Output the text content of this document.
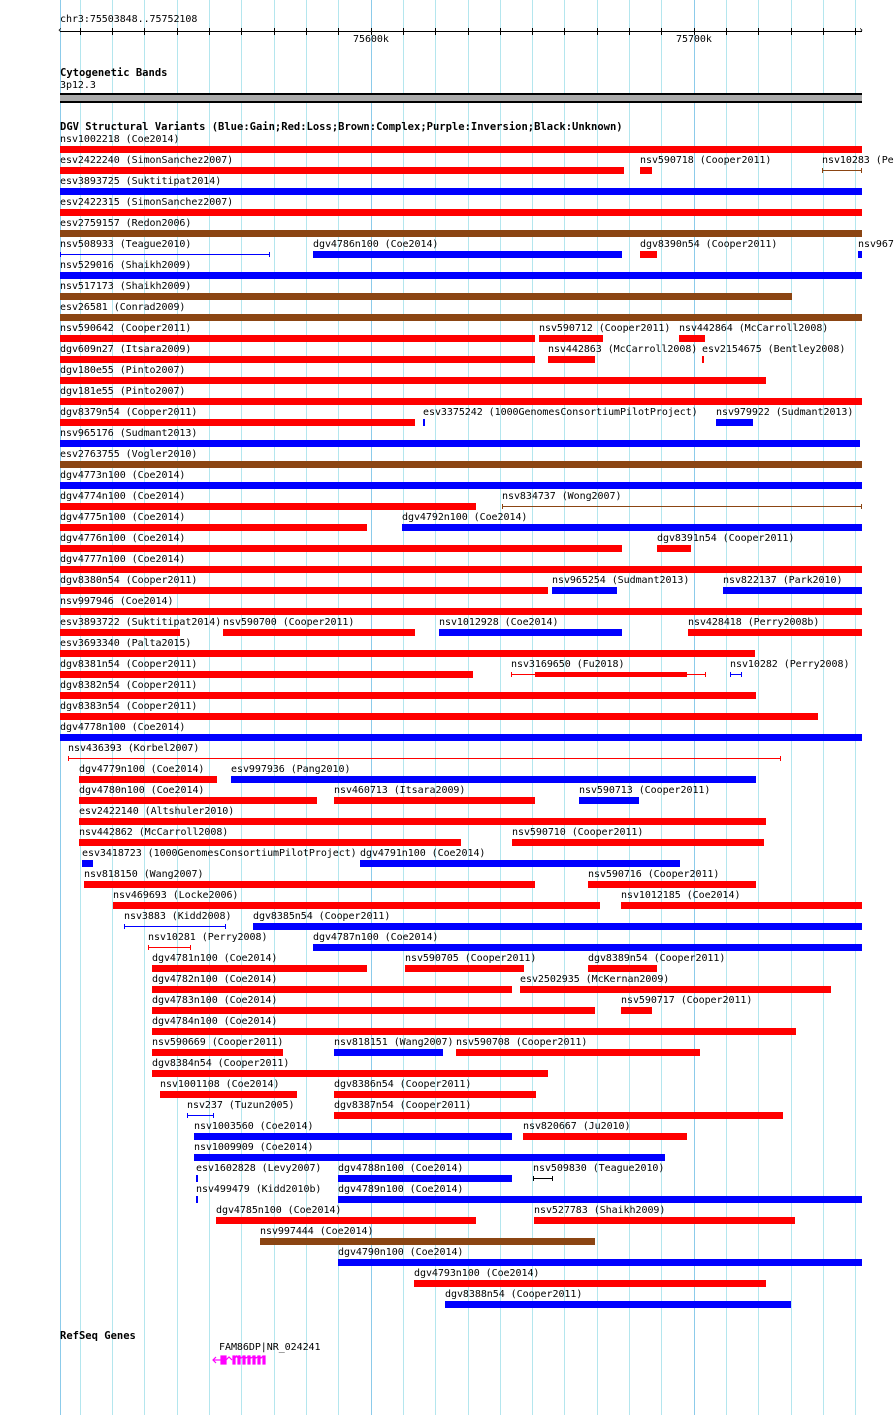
chr3:75503848..75752108
‹	›
75600k	75700k
Cytogenetic Bands
3p12.3
DGV Structural Variants (Blue:Gain;Red:Loss;Brown:Complex;Purple:Inversion;Black:Unknown)
nsv1002218 (Coe2014)
esv2422240 (SimonSanchez2007)	nsv590718 (Cooper2011)	nsv10283 (Pe
esv3893725 (Suktitipat2014)
esv2422315 (SimonSanchez2007)
esv2759157 (Redon2006)
nsv508933 (Teague2010)	dgv4786n100 (Coe2014)	dgv8390n54 (Cooper2011)	nsv967
nsv529016 (Shaikh2009)
nsv517173 (Shaikh2009)
esv26581 (Conrad2009)
nsv590642 (Cooper2011)	nsv590712 (Cooper2011) nsv442864 (McCarroll2008)
dgv609n27 (Itsara2009)	nsv442863 (McCarroll2008) esv2154675 (Bentley2008)
dgv180e55 (Pinto2007)
dgv181e55 (Pinto2007)
dgv8379n54 (Cooper2011)	esv3375242 (1000GenomesConsortiumPilotProject) nsv979922 (Sudmant2013)
nsv965176 (Sudmant2013)
esv2763755 (Vogler2010)
dgv4773n100 (Coe2014)
dgv4774n100 (Coe2014)	nsv834737 (Wong2007)
dgv4775n100 (Coe2014)	dgv4792n100 (Coe2014)
dgv4776n100 (Coe2014)	dgv8391n54 (Cooper2011)
dgv4777n100 (Coe2014)
dgv8380n54 (Cooper2011)	nsv965254 (Sudmant2013)	nsv822137 (Park2010)
nsv997946 (Coe2014)
esv3893722 (Suktitipat2014) nsv590700 (Cooper2011)	nsv1012928 (Coe2014)	nsv428418 (Perry2008b)
esv3693340 (Palta2015)
dgv8381n54 (Cooper2011)	nsv3169650 (Fu2018)	nsv10282 (Perry2008)
dgv8382n54 (Cooper2011)
dgv8383n54 (Cooper2011)
dgv4778n100 (Coe2014)
nsv436393 (Korbel2007)
dgv4779n100 (Coe2014)	esv997936 (Pang2010)
dgv4780n100 (Coe2014)	nsv460713 (Itsara2009)	nsv590713 (Cooper2011)
esv2422140 (Altshuler2010)
nsv442862 (McCarroll2008)	nsv590710 (Cooper2011)
esv3418723 (1000GenomesConsortiumPilotProject) dgv4791n100 (Coe2014)
nsv818150 (Wang2007)	nsv590716 (Cooper2011)
nsv469693 (Locke2006)	nsv1012185 (Coe2014)
nsv3883 (Kidd2008) dgv8385n54 (Cooper2011)
nsv10281 (Perry2008)	dgv4787n100 (Coe2014)
dgv4781n100 (Coe2014)	nsv590705 (Cooper2011)	dgv8389n54 (Cooper2011)
dgv4782n100 (Coe2014)	esv2502935 (McKernan2009)
dgv4783n100 (Coe2014)	nsv590717 (Cooper2011)
dgv4784n100 (Coe2014)
nsv590669 (Cooper2011)	nsv818151 (Wang2007) nsv590708 (Cooper2011)
dgv8384n54 (Cooper2011)
nsv1001108 (Coe2014)	dgv8386n54 (Cooper2011)
nsv237 (Tuzun2005)	dgv8387n54 (Cooper2011)
nsv1003560 (Coe2014)	nsv820667 (Ju2010)
nsv1009909 (Coe2014)
esv1602828 (Levy2007) dgv4788n100 (Coe2014)	nsv509830 (Teague2010)
nsv499479 (Kidd2010b) dgv4789n100 (Coe2014)
dgv4785n100 (Coe2014)	nsv527783 (Shaikh2009)
nsv997444 (Coe2014)
dgv4790n100 (Coe2014)
dgv4793n100 (Coe2014)
dgv8388n54 (Cooper2011)
RefSeq Genes
FAM86DP|NR_024241
